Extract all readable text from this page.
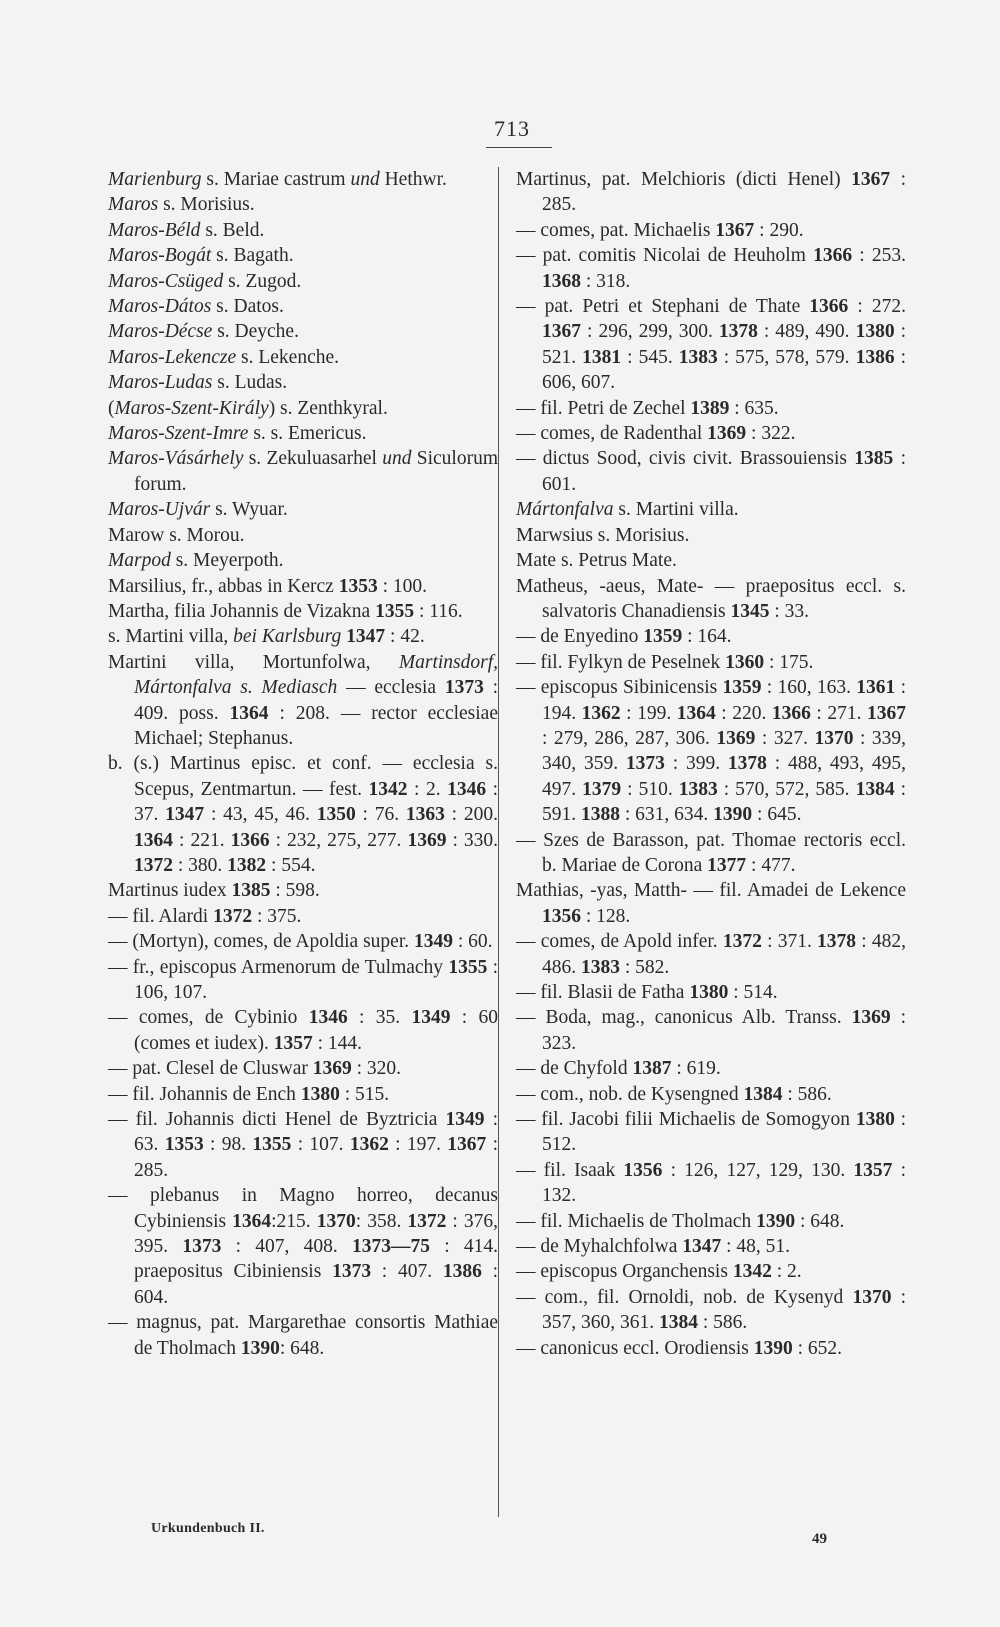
713

Marienburg s. Mariae castrum und Hethwr.

Maros s. Morisius.

Maros-Béld s. Beld.

Maros-Bogát s. Bagath.

Maros-Csüged s. Zugod.

Maros-Dátos s. Datos.

Maros-Décse s. Deyche.

Maros-Lekencze s. Lekenche.

Maros-Ludas s. Ludas.

(Maros-Szent-Király) s. Zenthkyral.

Maros-Szent-Imre s. s. Emericus.

Maros-Vásárhely s. Zekuluasarhel und Siculorum forum.

Maros-Ujvár s. Wyuar.

Marow s. Morou.

Marpod s. Meyerpoth.

Marsilius, fr., abbas in Kercz 1353 : 100.

Martha, filia Johannis de Vizakna 1355 : 116.

s. Martini villa, bei Karlsburg 1347 : 42.

Martini villa, Mortunfolwa, Martinsdorf, Mártonfalva s. Mediasch — ecclesia 1373 : 409. poss. 1364 : 208. — rector ecclesiae Michael; Stephanus.

b. (s.) Martinus episc. et conf. — ecclesia s. Scepus, Zentmartun. — fest. 1342 : 2. 1346 : 37. 1347 : 43, 45, 46. 1350 : 76. 1363 : 200. 1364 : 221. 1366 : 232, 275, 277. 1369 : 330. 1372 : 380. 1382 : 554.

Martinus iudex 1385 : 598.

— fil. Alardi 1372 : 375.

— (Mortyn), comes, de Apoldia super. 1349 : 60.

— fr., episcopus Armenorum de Tulmachy 1355 : 106, 107.

— comes, de Cybinio 1346 : 35. 1349 : 60 (comes et iudex). 1357 : 144.

— pat. Clesel de Cluswar 1369 : 320.

— fil. Johannis de Ench 1380 : 515.

— fil. Johannis dicti Henel de Byztricia 1349 : 63. 1353 : 98. 1355 : 107. 1362 : 197. 1367 : 285.

— plebanus in Magno horreo, decanus Cybiniensis 1364:215. 1370: 358. 1372 : 376, 395. 1373 : 407, 408. 1373—75 : 414. praepositus Cibiniensis 1373 : 407. 1386 : 604.

— magnus, pat. Margarethae consortis Mathiae de Tholmach 1390: 648.

Martinus, pat. Melchioris (dicti Henel) 1367 : 285.

— comes, pat. Michaelis 1367 : 290.

— pat. comitis Nicolai de Heuholm 1366 : 253. 1368 : 318.

— pat. Petri et Stephani de Thate 1366 : 272. 1367 : 296, 299, 300. 1378 : 489, 490. 1380 : 521. 1381 : 545. 1383 : 575, 578, 579. 1386 : 606, 607.

— fil. Petri de Zechel 1389 : 635.

— comes, de Radenthal 1369 : 322.

— dictus Sood, civis civit. Brassouiensis 1385 : 601.

Mártonfalva s. Martini villa.

Marwsius s. Morisius.

Mate s. Petrus Mate.

Matheus, -aeus, Mate- — praepositus eccl. s. salvatoris Chanadiensis 1345 : 33.

— de Enyedino 1359 : 164.

— fil. Fylkyn de Peselnek 1360 : 175.

— episcopus Sibinicensis 1359 : 160, 163. 1361 : 194. 1362 : 199. 1364 : 220. 1366 : 271. 1367 : 279, 286, 287, 306. 1369 : 327. 1370 : 339, 340, 359. 1373 : 399. 1378 : 488, 493, 495, 497. 1379 : 510. 1383 : 570, 572, 585. 1384 : 591. 1388 : 631, 634. 1390 : 645.

— Szes de Barasson, pat. Thomae rectoris eccl. b. Mariae de Corona 1377 : 477.

Mathias, -yas, Matth- — fil. Amadei de Lekence 1356 : 128.

— comes, de Apold infer. 1372 : 371. 1378 : 482, 486. 1383 : 582.

— fil. Blasii de Fatha 1380 : 514.

— Boda, mag., canonicus Alb. Transs. 1369 : 323.

— de Chyfold 1387 : 619.

— com., nob. de Kysengned 1384 : 586.

— fil. Jacobi filii Michaelis de Somogyon 1380 : 512.

— fil. Isaak 1356 : 126, 127, 129, 130. 1357 : 132.

— fil. Michaelis de Tholmach 1390 : 648.

— de Myhalchfolwa 1347 : 48, 51.

— episcopus Organchensis 1342 : 2.

— com., fil. Ornoldi, nob. de Kysenyd 1370 : 357, 360, 361. 1384 : 586.

— canonicus eccl. Orodiensis 1390 : 652.

Urkundenbuch II.
49
